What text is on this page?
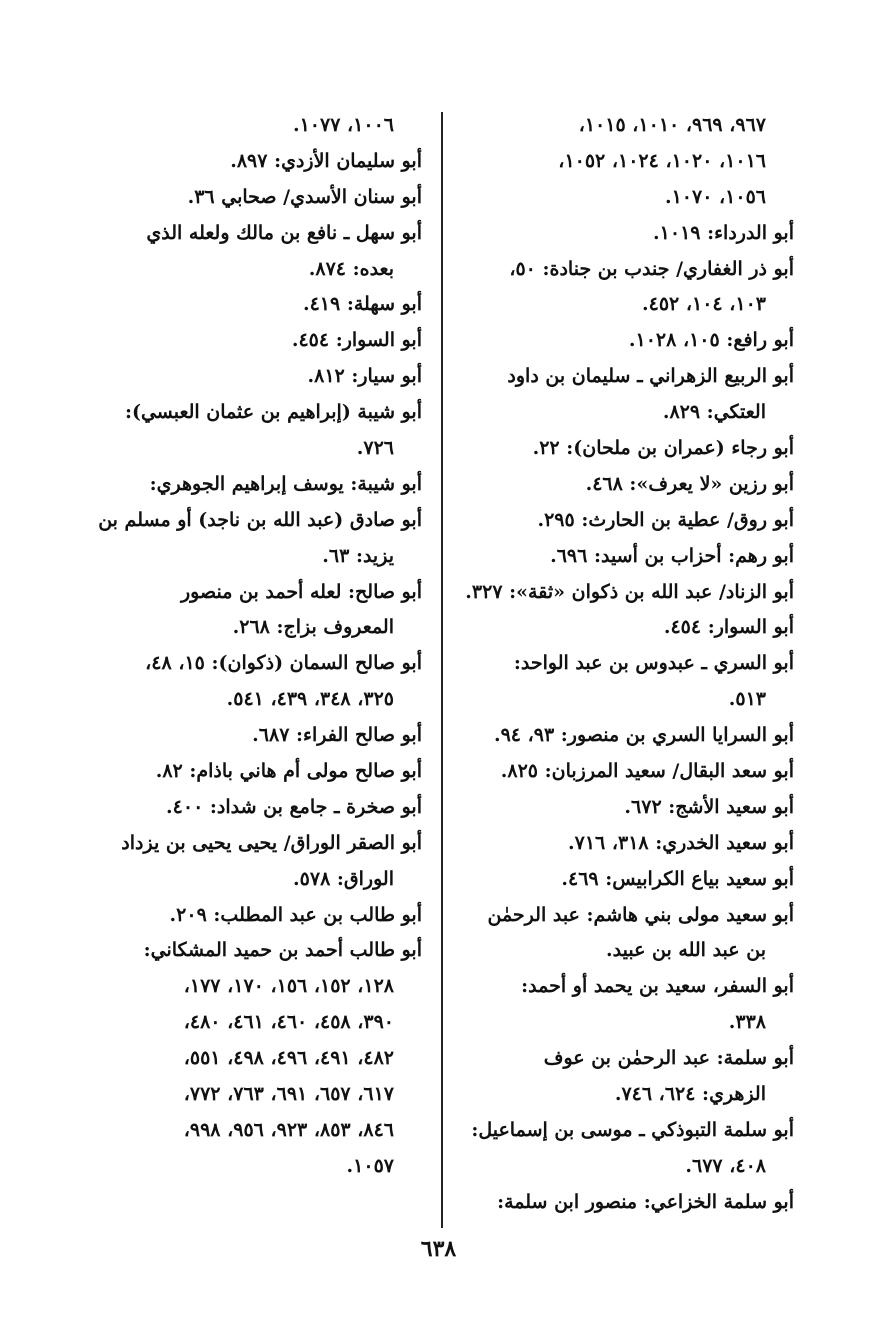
٩٦٧، ٩٦٩، ١٠١٠، ١٠١٥،
١٠١٦، ١٠٢٠، ١٠٢٤، ١٠٥٢،
١٠٥٦، ١٠٧٠.
أبو الدرداء: ١٠١٩.
أبو ذر الغفاري/ جندب بن جنادة: ٥٠،
١٠٣، ١٠٤، ٤٥٢.
أبو رافع: ١٠٥، ١٠٢٨.
أبو الربيع الزهراني ـ سليمان بن داود
العتكي: ٨٢٩.
أبو رجاء (عمران بن ملحان): ٢٢.
أبو رزين «لا يعرف»: ٤٦٨.
أبو روق/ عطية بن الحارث: ٢٩٥.
أبو رهم: أحزاب بن أسيد: ٦٩٦.
أبو الزناد/ عبد الله بن ذكوان «ثقة»: ٣٢٧.
أبو السوار: ٤٥٤.
أبو السري ـ عبدوس بن عبد الواحد:
٥١٣.
أبو السرايا السري بن منصور: ٩٣، ٩٤.
أبو سعد البقال/ سعيد المرزبان: ٨٢٥.
أبو سعيد الأشج: ٦٧٢.
أبو سعيد الخدري: ٣١٨، ٧١٦.
أبو سعيد بياع الكرابيس: ٤٦٩.
أبو سعيد مولى بني هاشم: عبد الرحمٰن
بن عبد الله بن عبيد.
أبو السفر، سعيد بن يحمد أو أحمد:
٣٣٨.
أبو سلمة: عبد الرحمٰن بن عوف
الزهري: ٦٢٤، ٧٤٦.
أبو سلمة التبوذكي ـ موسى بن إسماعيل:
٤٠٨، ٦٧٧.
أبو سلمة الخزاعي: منصور ابن سلمة:
١٠٠٦، ١٠٧٧.
أبو سليمان الأزدي: ٨٩٧.
أبو سنان الأسدي/ صحابي ٣٦.
أبو سهل ـ نافع بن مالك ولعله الذي
بعده: ٨٧٤.
أبو سهلة: ٤١٩.
أبو السوار: ٤٥٤.
أبو سيار: ٨١٢.
أبو شيبة (إبراهيم بن عثمان العبسي):
٧٢٦.
أبو شيبة: يوسف إبراهيم الجوهري:
أبو صادق (عبد الله بن ناجد) أو مسلم بن
يزيد: ٦٣.
أبو صالح: لعله أحمد بن منصور
المعروف بزاج: ٢٦٨.
أبو صالح السمان (ذكوان): ١٥، ٤٨،
٣٢٥، ٣٤٨، ٤٣٩، ٥٤١.
أبو صالح الفراء: ٦٨٧.
أبو صالح مولى أم هاني باذام: ٨٢.
أبو صخرة ـ جامع بن شداد: ٤٠٠.
أبو الصقر الوراق/ يحيى يحيى بن يزداد
الوراق: ٥٧٨.
أبو طالب بن عبد المطلب: ٢٠٩.
أبو طالب أحمد بن حميد المشكاني:
١٢٨، ١٥٢، ١٥٦، ١٧٠، ١٧٧،
٣٩٠، ٤٥٨، ٤٦٠، ٤٦١، ٤٨٠،
٤٨٢، ٤٩١، ٤٩٦، ٤٩٨، ٥٥١،
٦١٧، ٦٥٧، ٦٩١، ٧٦٣، ٧٧٢،
٨٤٦، ٨٥٣، ٩٢٣، ٩٥٦، ٩٩٨،
١٠٥٧.
٦٣٨
